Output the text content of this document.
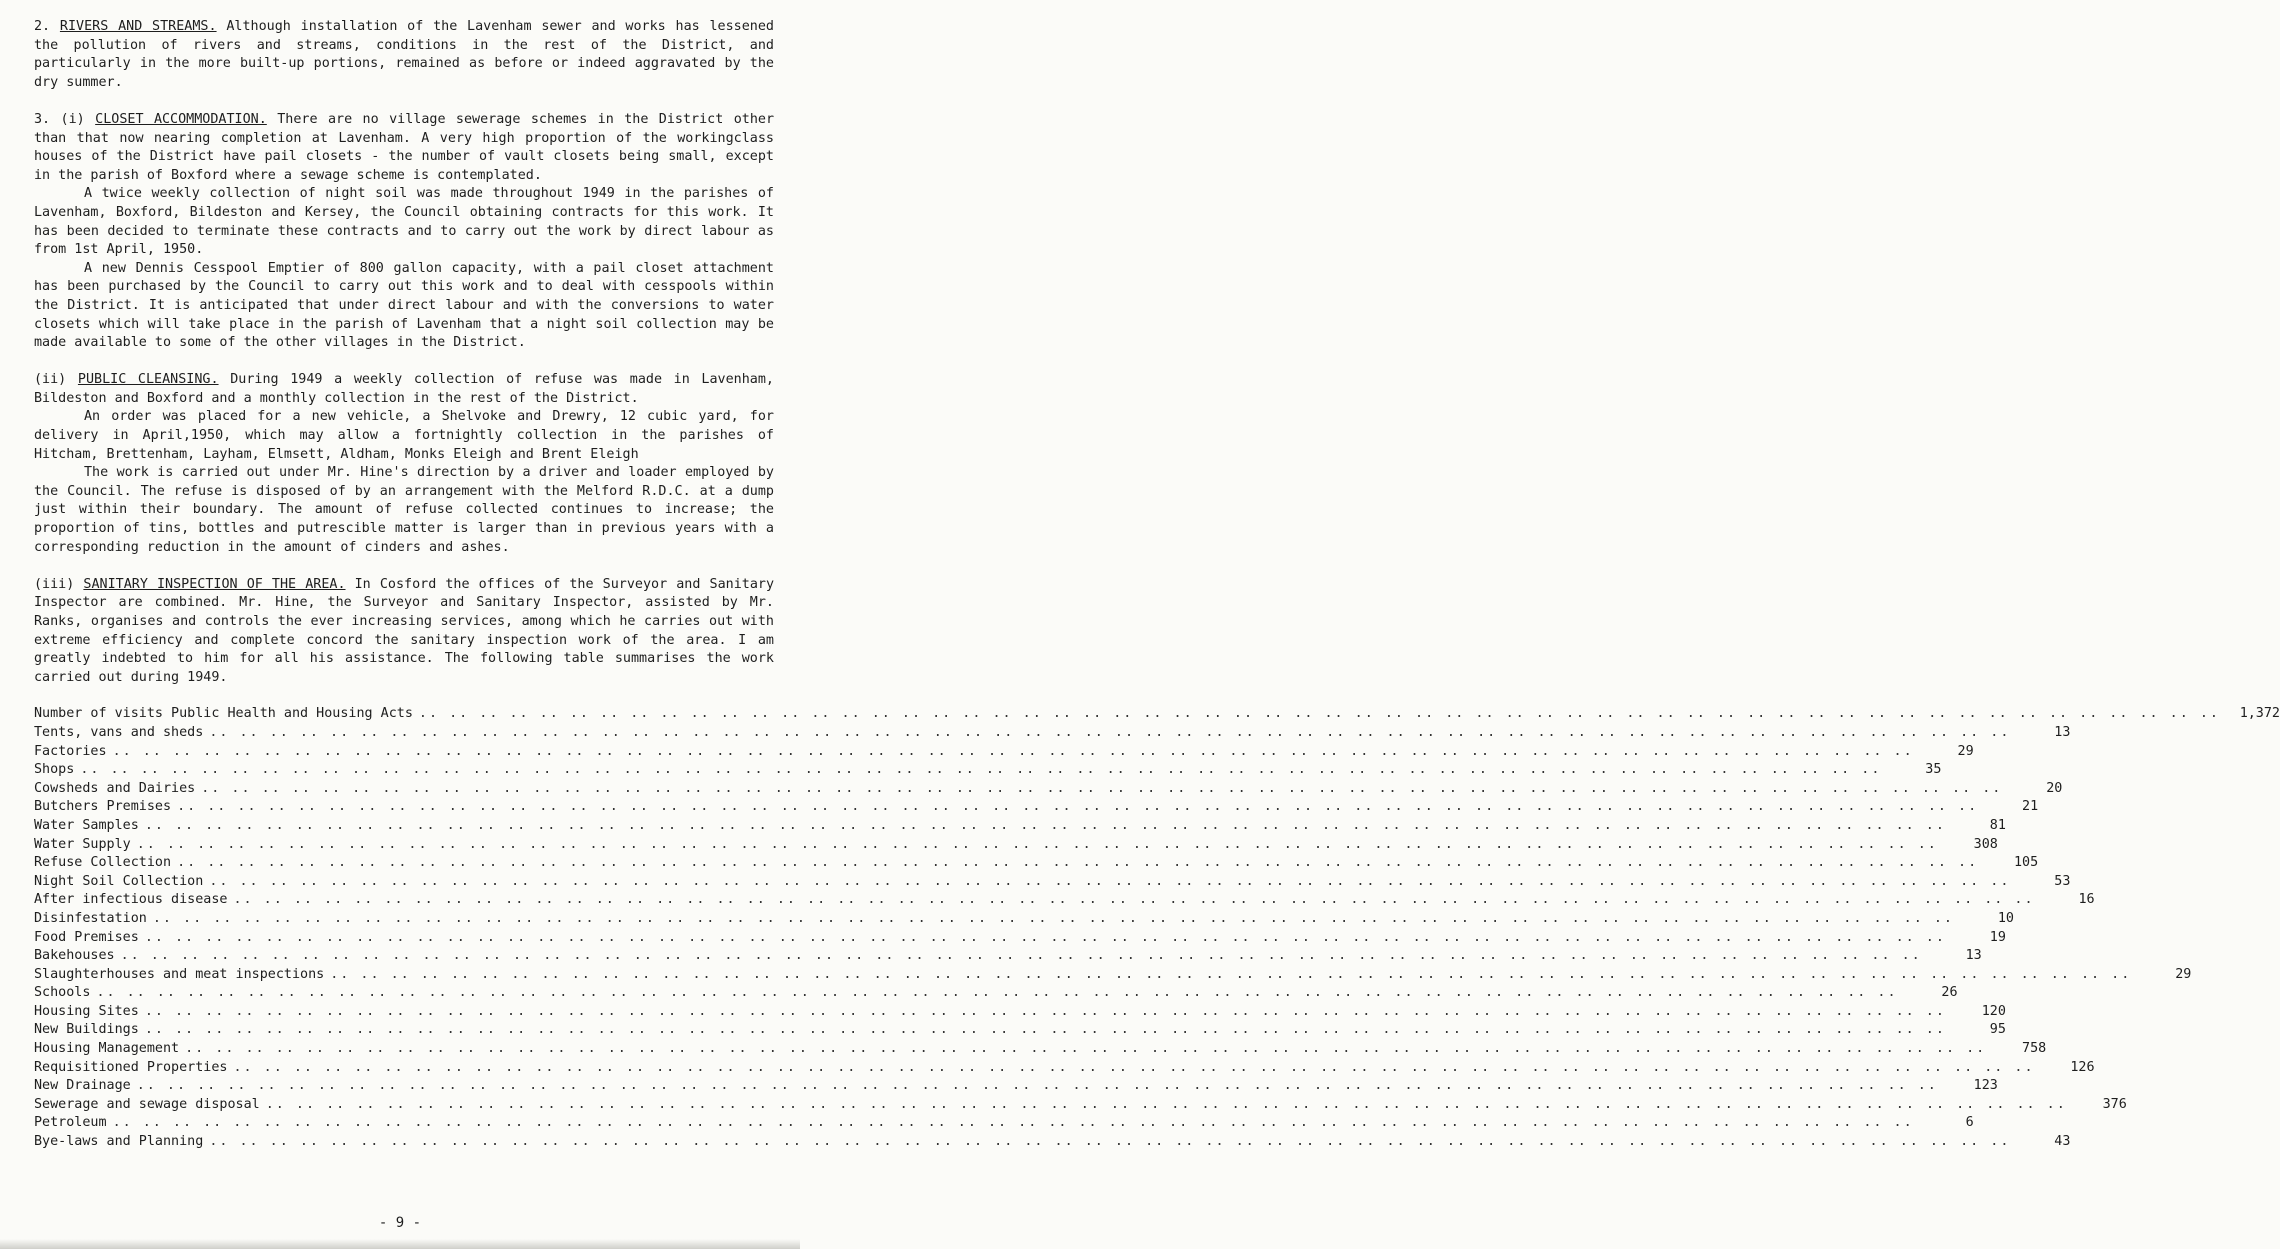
2. RIVERS AND STREAMS. Although installation of the Lavenham sewer and works has lessened the pollution of rivers and streams, conditions in the rest of the District, and particularly in the more built-up portions, remained as before or indeed aggravated by the dry summer.

3. (i) CLOSET ACCOMMODATION. There are no village sewerage schemes in the District other than that now nearing completion at Lavenham. A very high proportion of the workingclass houses of the District have pail closets - the number of vault closets being small, except in the parish of Boxford where a sewage scheme is contemplated.

A twice weekly collection of night soil was made throughout 1949 in the parishes of Lavenham, Boxford, Bildeston and Kersey, the Council obtaining contracts for this work. It has been decided to terminate these contracts and to carry out the work by direct labour as from 1st April, 1950.

A new Dennis Cesspool Emptier of 800 gallon capacity, with a pail closet attachment has been purchased by the Council to carry out this work and to deal with cesspools within the District. It is anticipated that under direct labour and with the conversions to water closets which will take place in the parish of Lavenham that a night soil collection may be made available to some of the other villages in the District.

(ii) PUBLIC CLEANSING. During 1949 a weekly collection of refuse was made in Lavenham, Bildeston and Boxford and a monthly collection in the rest of the District.

An order was placed for a new vehicle, a Shelvoke and Drewry, 12 cubic yard, for delivery in April,1950, which may allow a fortnightly collection in the parishes of Hitcham, Brettenham, Layham, Elmsett, Aldham, Monks Eleigh and Brent Eleigh

The work is carried out under Mr. Hine's direction by a driver and loader employed by the Council. The refuse is disposed of by an arrangement with the Melford R.D.C. at a dump just within their boundary. The amount of refuse collected continues to increase; the proportion of tins, bottles and putrescible matter is larger than in previous years with a corresponding reduction in the amount of cinders and ashes.

(iii) SANITARY INSPECTION OF THE AREA. In Cosford the offices of the Surveyor and Sanitary Inspector are combined. Mr. Hine, the Surveyor and Sanitary Inspector, assisted by Mr. Ranks, organises and controls the ever increasing services, among which he carries out with extreme efficiency and complete concord the sanitary inspection work of the area. I am greatly indebted to him for all his assistance. The following table summarises the work carried out during 1949.

Number of visits Public Health and Housing Acts .. .. .. .. .. .. .. .. .. .. .. .. .. .. .. .. .. .. .. .. .. .. .. .. .. .. .. .. .. .. .. .. .. .. .. .. .. .. .. .. .. .. .. .. .. .. .. .. .. .. .. .. .. .. .. .. .. .. .. ..	1,372
Tents, vans and sheds .. .. .. .. .. .. .. .. .. .. .. .. .. .. .. .. .. .. .. .. .. .. .. .. .. .. .. .. .. .. .. .. .. .. .. .. .. .. .. .. .. .. .. .. .. .. .. .. .. .. .. .. .. .. .. .. .. .. .. ..	13
Factories .. .. .. .. .. .. .. .. .. .. .. .. .. .. .. .. .. .. .. .. .. .. .. .. .. .. .. .. .. .. .. .. .. .. .. .. .. .. .. .. .. .. .. .. .. .. .. .. .. .. .. .. .. .. .. .. .. .. .. ..	29
Shops .. .. .. .. .. .. .. .. .. .. .. .. .. .. .. .. .. .. .. .. .. .. .. .. .. .. .. .. .. .. .. .. .. .. .. .. .. .. .. .. .. .. .. .. .. .. .. .. .. .. .. .. .. .. .. .. .. .. .. ..	35
Cowsheds and Dairies .. .. .. .. .. .. .. .. .. .. .. .. .. .. .. .. .. .. .. .. .. .. .. .. .. .. .. .. .. .. .. .. .. .. .. .. .. .. .. .. .. .. .. .. .. .. .. .. .. .. .. .. .. .. .. .. .. .. .. ..	20
Butchers Premises .. .. .. .. .. .. .. .. .. .. .. .. .. .. .. .. .. .. .. .. .. .. .. .. .. .. .. .. .. .. .. .. .. .. .. .. .. .. .. .. .. .. .. .. .. .. .. .. .. .. .. .. .. .. .. .. .. .. .. ..	21
Water Samples .. .. .. .. .. .. .. .. .. .. .. .. .. .. .. .. .. .. .. .. .. .. .. .. .. .. .. .. .. .. .. .. .. .. .. .. .. .. .. .. .. .. .. .. .. .. .. .. .. .. .. .. .. .. .. .. .. .. .. ..	81
Water Supply .. .. .. .. .. .. .. .. .. .. .. .. .. .. .. .. .. .. .. .. .. .. .. .. .. .. .. .. .. .. .. .. .. .. .. .. .. .. .. .. .. .. .. .. .. .. .. .. .. .. .. .. .. .. .. .. .. .. .. ..	308
Refuse Collection .. .. .. .. .. .. .. .. .. .. .. .. .. .. .. .. .. .. .. .. .. .. .. .. .. .. .. .. .. .. .. .. .. .. .. .. .. .. .. .. .. .. .. .. .. .. .. .. .. .. .. .. .. .. .. .. .. .. .. ..	105
Night Soil Collection .. .. .. .. .. .. .. .. .. .. .. .. .. .. .. .. .. .. .. .. .. .. .. .. .. .. .. .. .. .. .. .. .. .. .. .. .. .. .. .. .. .. .. .. .. .. .. .. .. .. .. .. .. .. .. .. .. .. .. ..	53
After infectious disease .. .. .. .. .. .. .. .. .. .. .. .. .. .. .. .. .. .. .. .. .. .. .. .. .. .. .. .. .. .. .. .. .. .. .. .. .. .. .. .. .. .. .. .. .. .. .. .. .. .. .. .. .. .. .. .. .. .. .. ..	16
Disinfestation .. .. .. .. .. .. .. .. .. .. .. .. .. .. .. .. .. .. .. .. .. .. .. .. .. .. .. .. .. .. .. .. .. .. .. .. .. .. .. .. .. .. .. .. .. .. .. .. .. .. .. .. .. .. .. .. .. .. .. ..	10
Food Premises .. .. .. .. .. .. .. .. .. .. .. .. .. .. .. .. .. .. .. .. .. .. .. .. .. .. .. .. .. .. .. .. .. .. .. .. .. .. .. .. .. .. .. .. .. .. .. .. .. .. .. .. .. .. .. .. .. .. .. ..	19
Bakehouses .. .. .. .. .. .. .. .. .. .. .. .. .. .. .. .. .. .. .. .. .. .. .. .. .. .. .. .. .. .. .. .. .. .. .. .. .. .. .. .. .. .. .. .. .. .. .. .. .. .. .. .. .. .. .. .. .. .. .. ..	13
Slaughterhouses and meat inspections .. .. .. .. .. .. .. .. .. .. .. .. .. .. .. .. .. .. .. .. .. .. .. .. .. .. .. .. .. .. .. .. .. .. .. .. .. .. .. .. .. .. .. .. .. .. .. .. .. .. .. .. .. .. .. .. .. .. .. ..	29
Schools .. .. .. .. .. .. .. .. .. .. .. .. .. .. .. .. .. .. .. .. .. .. .. .. .. .. .. .. .. .. .. .. .. .. .. .. .. .. .. .. .. .. .. .. .. .. .. .. .. .. .. .. .. .. .. .. .. .. .. ..	26
Housing Sites .. .. .. .. .. .. .. .. .. .. .. .. .. .. .. .. .. .. .. .. .. .. .. .. .. .. .. .. .. .. .. .. .. .. .. .. .. .. .. .. .. .. .. .. .. .. .. .. .. .. .. .. .. .. .. .. .. .. .. ..	120
New Buildings .. .. .. .. .. .. .. .. .. .. .. .. .. .. .. .. .. .. .. .. .. .. .. .. .. .. .. .. .. .. .. .. .. .. .. .. .. .. .. .. .. .. .. .. .. .. .. .. .. .. .. .. .. .. .. .. .. .. .. ..	95
Housing Management .. .. .. .. .. .. .. .. .. .. .. .. .. .. .. .. .. .. .. .. .. .. .. .. .. .. .. .. .. .. .. .. .. .. .. .. .. .. .. .. .. .. .. .. .. .. .. .. .. .. .. .. .. .. .. .. .. .. .. ..	758
Requisitioned Properties .. .. .. .. .. .. .. .. .. .. .. .. .. .. .. .. .. .. .. .. .. .. .. .. .. .. .. .. .. .. .. .. .. .. .. .. .. .. .. .. .. .. .. .. .. .. .. .. .. .. .. .. .. .. .. .. .. .. .. ..	126
New Drainage .. .. .. .. .. .. .. .. .. .. .. .. .. .. .. .. .. .. .. .. .. .. .. .. .. .. .. .. .. .. .. .. .. .. .. .. .. .. .. .. .. .. .. .. .. .. .. .. .. .. .. .. .. .. .. .. .. .. .. ..	123
Sewerage and sewage disposal .. .. .. .. .. .. .. .. .. .. .. .. .. .. .. .. .. .. .. .. .. .. .. .. .. .. .. .. .. .. .. .. .. .. .. .. .. .. .. .. .. .. .. .. .. .. .. .. .. .. .. .. .. .. .. .. .. .. .. ..	376
Petroleum .. .. .. .. .. .. .. .. .. .. .. .. .. .. .. .. .. .. .. .. .. .. .. .. .. .. .. .. .. .. .. .. .. .. .. .. .. .. .. .. .. .. .. .. .. .. .. .. .. .. .. .. .. .. .. .. .. .. .. ..	6
Bye-laws and Planning .. .. .. .. .. .. .. .. .. .. .. .. .. .. .. .. .. .. .. .. .. .. .. .. .. .. .. .. .. .. .. .. .. .. .. .. .. .. .. .. .. .. .. .. .. .. .. .. .. .. .. .. .. .. .. .. .. .. .. ..	43
- 9 -
